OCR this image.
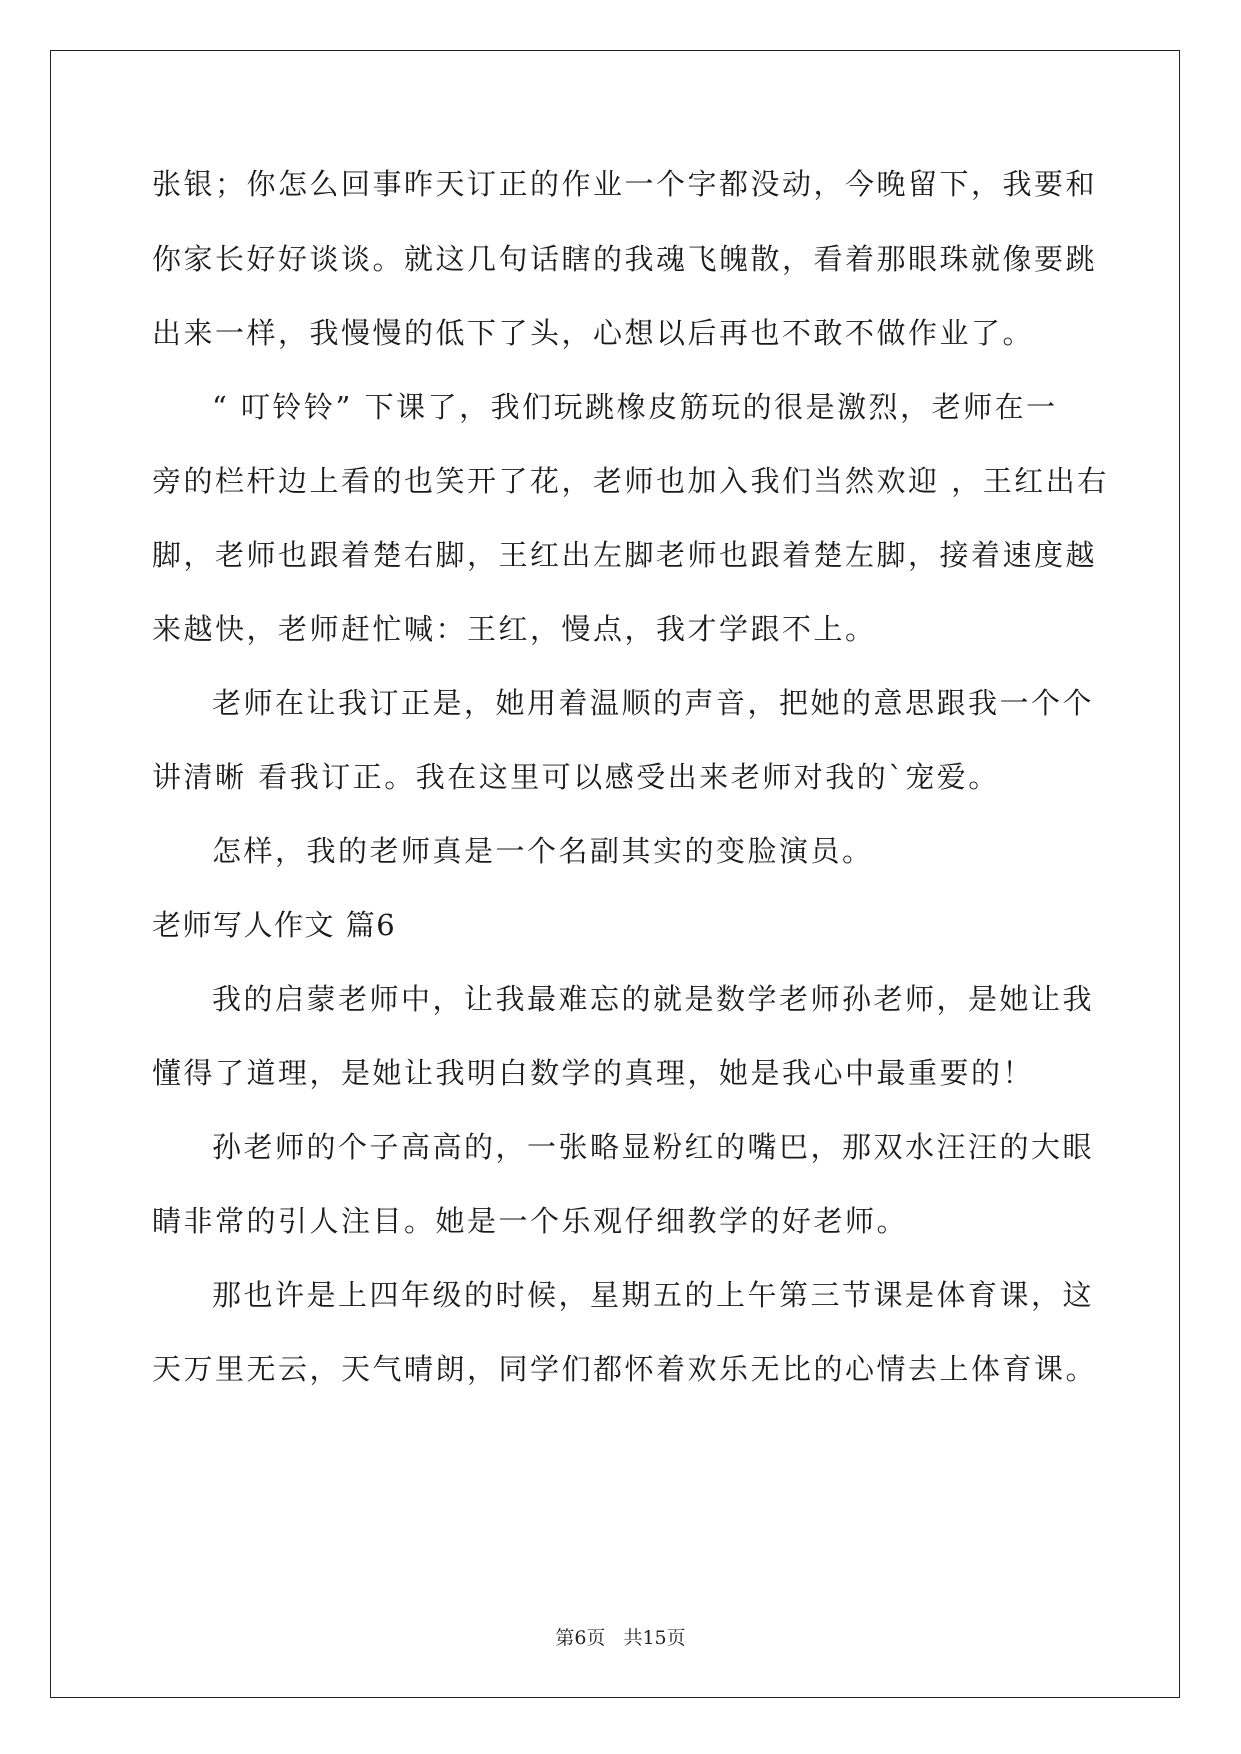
张银；你怎么回事昨天订正的作业一个字都没动，今晚留下，我要和
你家长好好谈谈。就这几句话瞎的我魂飞魄散，看着那眼珠就像要跳
出来一样，我慢慢的低下了头，心想以后再也不敢不做作业了。
“ 叮铃铃” 下课了，我们玩跳橡皮筋玩的很是激烈，老师在一
旁的栏杆边上看的也笑开了花，老师也加入我们当然欢迎 ，王红出右
脚，老师也跟着楚右脚，王红出左脚老师也跟着楚左脚，接着速度越
来越快，老师赶忙喊：王红，慢点，我才学跟不上。
老师在让我订正是，她用着温顺的声音，把她的意思跟我一个个
讲清晰 看我订正。我在这里可以感受出来老师对我的`宠爱。
怎样，我的老师真是一个名副其实的变脸演员。
老师写人作文 篇6
我的启蒙老师中，让我最难忘的就是数学老师孙老师，是她让我
懂得了道理，是她让我明白数学的真理，她是我心中最重要的！
孙老师的个子高高的，一张略显粉红的嘴巴，那双水汪汪的大眼
睛非常的引人注目。她是一个乐观仔细教学的好老师。
那也许是上四年级的时候，星期五的上午第三节课是体育课，这
天万里无云，天气晴朗，同学们都怀着欢乐无比的心情去上体育课。
第6页 共15页
